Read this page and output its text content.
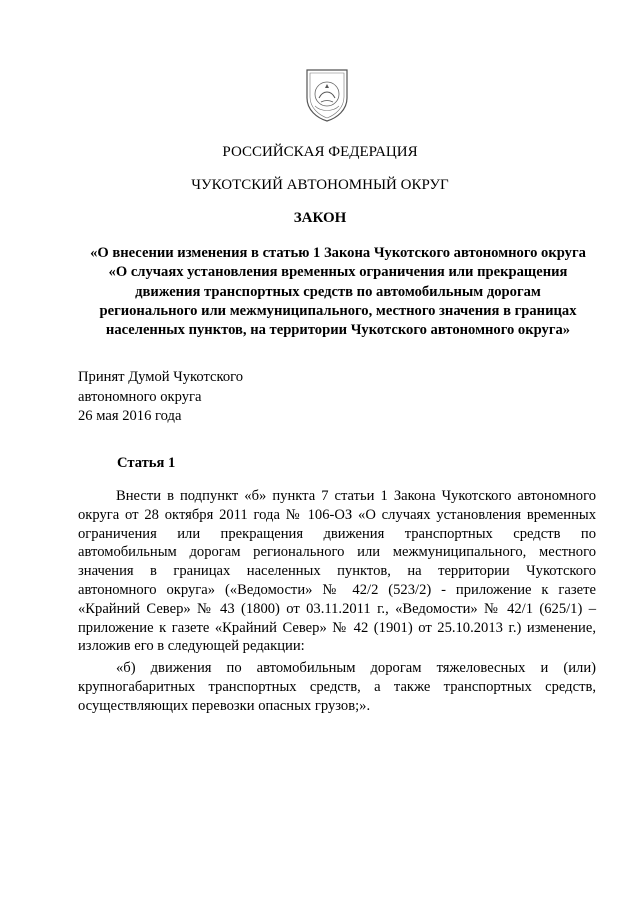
РОССИЙСКАЯ ФЕДЕРАЦИЯ
ЧУКОТСКИЙ АВТОНОМНЫЙ ОКРУГ
ЗАКОН
«О внесении изменения в статью 1 Закона Чукотского автономного округа
«О случаях установления временных ограничения или прекращения
движения транспортных средств по автомобильным дорогам
регионального или межмуниципального, местного значения в границах
населенных пунктов, на территории Чукотского автономного округа»
Принят Думой Чукотского
автономного округа
26 мая 2016 года
Статья 1
Внести в подпункт «б» пункта 7 статьи 1 Закона Чукотского автономного
округа от 28 октября 2011 года № 106-ОЗ «О случаях установления временных
ограничения или прекращения движения транспортных средств по
автомобильным дорогам регионального или межмуниципального, местного
значения в границах населенных пунктов, на территории Чукотского
автономного округа» («Ведомости» № 42/2 (523/2) - приложение к газете
«Крайний Север» № 43 (1800) от 03.11.2011 г., «Ведомости» № 42/1 (625/1) –
приложение к газете «Крайний Север» № 42 (1901) от 25.10.2013 г.) изменение,
изложив его в следующей редакции:
«б) движения по автомобильным дорогам тяжеловесных и (или)
крупногабаритных транспортных средств, а также транспортных средств,
осуществляющих перевозки опасных грузов;».
